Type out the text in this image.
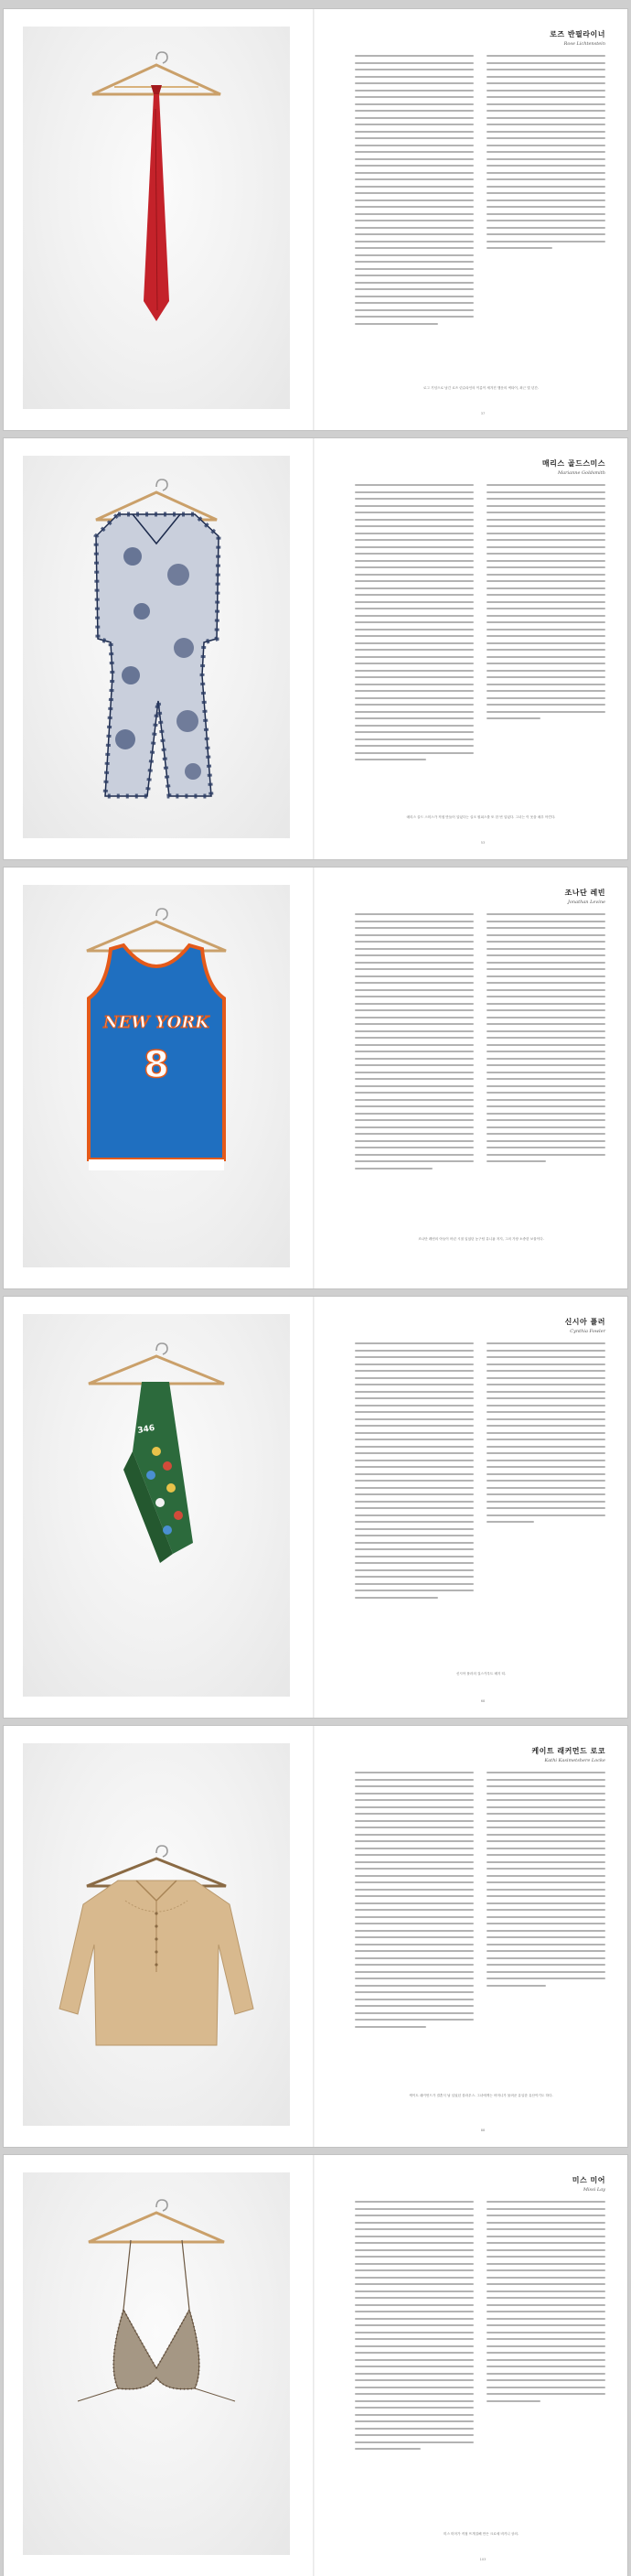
로즈 반필라이너
Rose Lichtenstein
로그 기념으로 남긴 로즈 린슈타인의 이름이 새겨진 행운의 넥타이, 최근 몇 년간.
37
매리스 골드스미스
Marianne Goldsmith
매리스 골드 스미스가 직접 만들어 입었다는 실크 원피스를 또 한 번 입었다. 그녀는 이 옷을 매우 아낀다.
53
NEW YORK
8
조나단 레빈
Jonathan Levine
조나단 레빈의 아들이 어린 시절 입었던 농구팀 유니폼 저지, 그의 가장 소중한 보물이다.
346
신시아 플러
Cynthia Fowler
신시아 플러의 걸스카우트 배지 띠.
68
케이트 래커먼드 로코
Kathi Kasimetshere Locke
케이트 래커먼드가 결혼식 날 입었던 블라우스. 그녀에게는 어머니가 물려준 유일한 유산이기도 하다.
88
미스 미어
Missi Lay
미스 미어가 직접 뜨개질해 만든 크로셰 비키니 상의.
103
